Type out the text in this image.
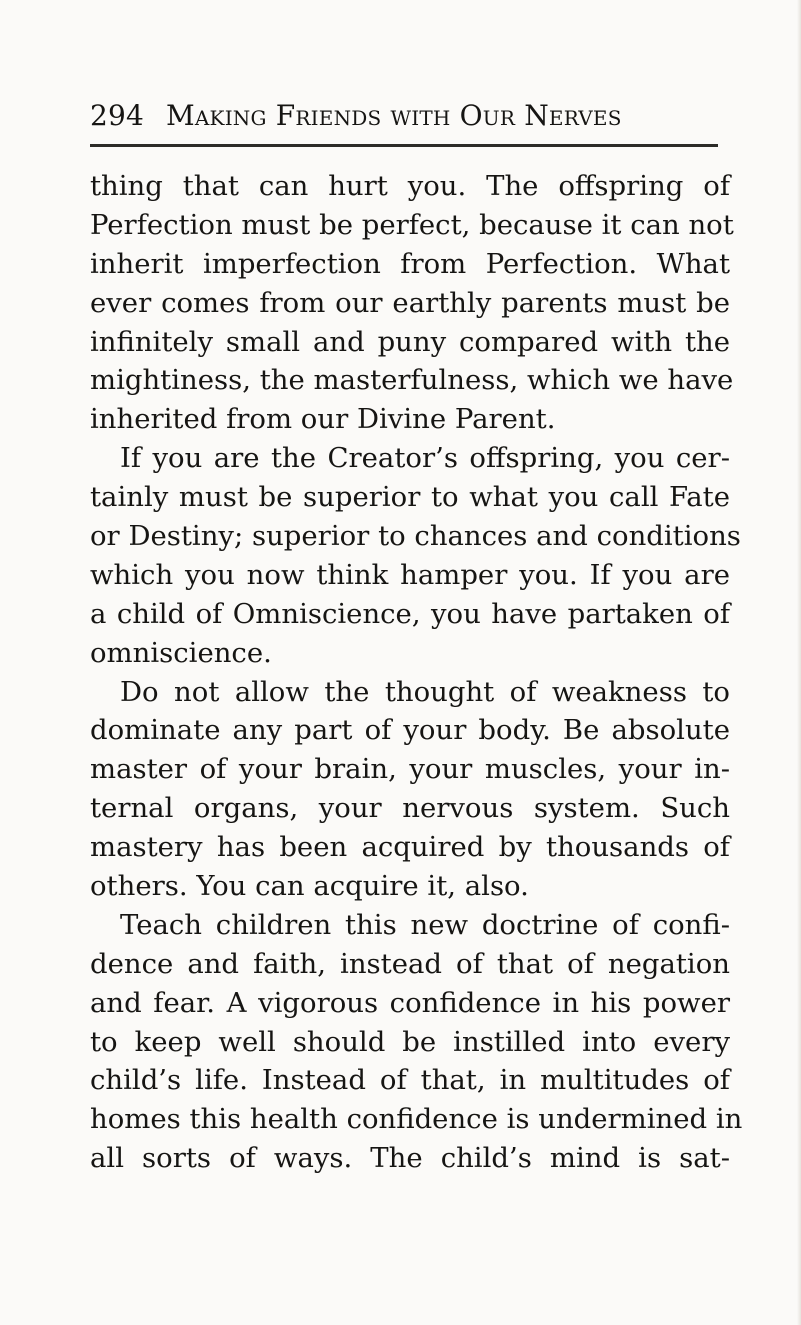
294 Making Friends with Our Nerves
thing that can hurt you. The offspring of
Perfection must be perfect, because it can not
inherit imperfection from Perfection. What
ever comes from our earthly parents must be
infinitely small and puny compared with the
mightiness, the masterfulness, which we have
inherited from our Divine Parent.
If you are the Creator’s offspring, you cer-
tainly must be superior to what you call Fate
or Destiny; superior to chances and conditions
which you now think hamper you. If you are
a child of Omniscience, you have partaken of
omniscience.
Do not allow the thought of weakness to
dominate any part of your body. Be absolute
master of your brain, your muscles, your in-
ternal organs, your nervous system. Such
mastery has been acquired by thousands of
others. You can acquire it, also.
Teach children this new doctrine of confi-
dence and faith, instead of that of negation
and fear. A vigorous confidence in his power
to keep well should be instilled into every
child’s life. Instead of that, in multitudes of
homes this health confidence is undermined in
all sorts of ways. The child’s mind is sat-
